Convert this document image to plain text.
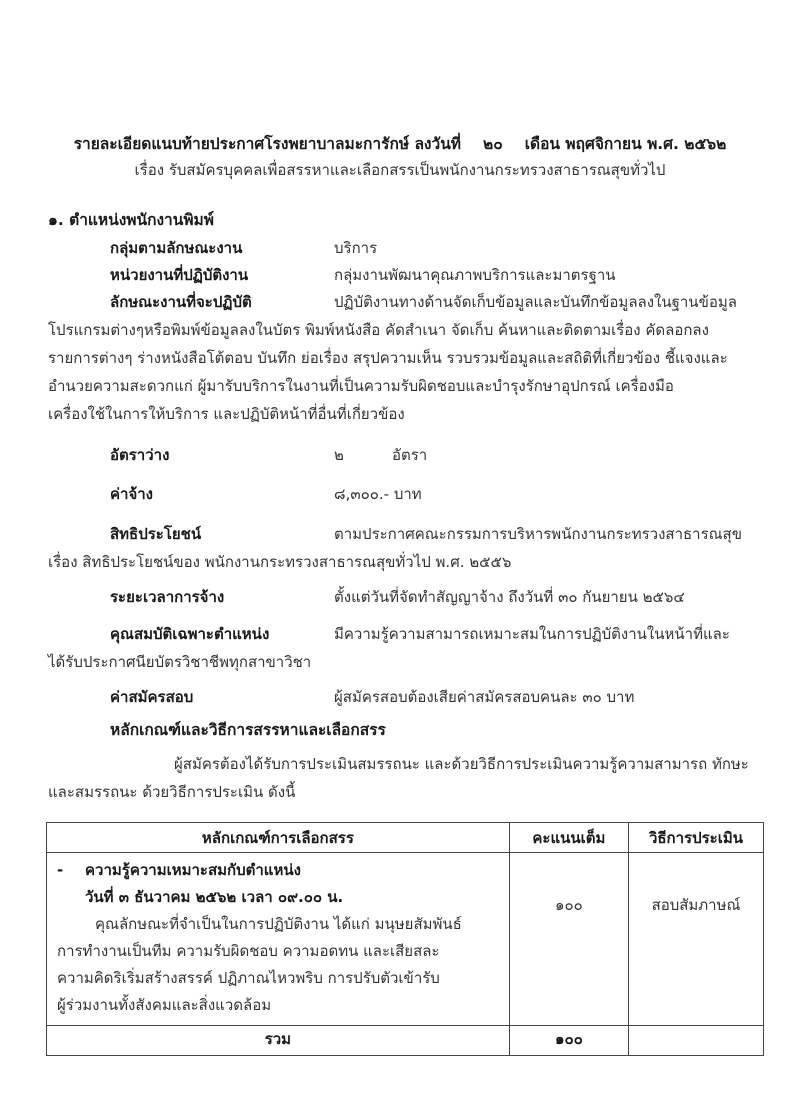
รายละเอียดแนบท้ายประกาศโรงพยาบาลมะการักษ์ ลงวันที่ ๒๐ เดือน พฤศจิกายน พ.ศ. ๒๕๖๒
เรื่อง รับสมัครบุคคลเพื่อสรรหาและเลือกสรรเป็นพนักงานกระทรวงสาธารณสุขทั่วไป
๑. ตำแหน่งพนักงานพิมพ์
กลุ่มตามลักษณะงาน	บริการ
หน่วยงานที่ปฏิบัติงาน	กลุ่มงานพัฒนาคุณภาพบริการและมาตรฐาน
ลักษณะงานที่จะปฏิบัติ	ปฏิบัติงานทางด้านจัดเก็บข้อมูลและบันทึกข้อมูลลงในฐานข้อมูล
โปรแกรมต่างๆหรือพิมพ์ข้อมูลลงในบัตร พิมพ์หนังสือ คัดสำเนา จัดเก็บ ค้นหาและติดตามเรื่อง คัดลอกลง
รายการต่างๆ ร่างหนังสือโต้ตอบ บันทึก ย่อเรื่อง สรุปความเห็น รวบรวมข้อมูลและสถิติที่เกี่ยวข้อง ชี้แจงและ
อำนวยความสะดวกแก่ ผู้มารับบริการในงานที่เป็นความรับผิดชอบและบำรุงรักษาอุปกรณ์ เครื่องมือ
เครื่องใช้ในการให้บริการ และปฏิบัติหน้าที่อื่นที่เกี่ยวข้อง
อัตราว่าง	๒	อัตรา
ค่าจ้าง	๘,๓๐๐.- บาท
สิทธิประโยชน์	ตามประกาศคณะกรรมการบริหารพนักงานกระทรวงสาธารณสุข
เรื่อง สิทธิประโยชน์ของ พนักงานกระทรวงสาธารณสุขทั่วไป พ.ศ. ๒๕๕๖
ระยะเวลาการจ้าง	ตั้งแต่วันที่จัดทำสัญญาจ้าง ถึงวันที่ ๓๐ กันยายน ๒๕๖๔
คุณสมบัติเฉพาะตำแหน่ง	มีความรู้ความสามารถเหมาะสมในการปฏิบัติงานในหน้าที่และ
ได้รับประกาศนียบัตรวิชาชีพทุกสาขาวิชา
ค่าสมัครสอบ	ผู้สมัครสอบต้องเสียค่าสมัครสอบคนละ ๓๐ บาท
หลักเกณฑ์และวิธีการสรรหาและเลือกสรร
ผู้สมัครต้องได้รับการประเมินสมรรถนะ และด้วยวิธีการประเมินความรู้ความสามารถ ทักษะ
และสมรรถนะ ด้วยวิธีการประเมิน ดังนี้
หลักเกณฑ์การเลือกสรร	คะแนนเต็ม	วิธีการประเมิน

- ความรู้ความเหมาะสมกับตำแหน่ง
วันที่ ๓ ธันวาคม ๒๕๖๒ เวลา ๐๙.๐๐ น.
คุณลักษณะที่จำเป็นในการปฏิบัติงาน ได้แก่ มนุษยสัมพันธ์
การทำงานเป็นทีม ความรับผิดชอบ ความอดทน และเสียสละ
ความคิดริเริ่มสร้างสรรค์ ปฏิภาณไหวพริบ การปรับตัวเข้ารับ
ผู้ร่วมงานทั้งสังคมและสิ่งแวดล้อม
	๑๐๐	สอบสัมภาษณ์
รวม	๑๐๐	
